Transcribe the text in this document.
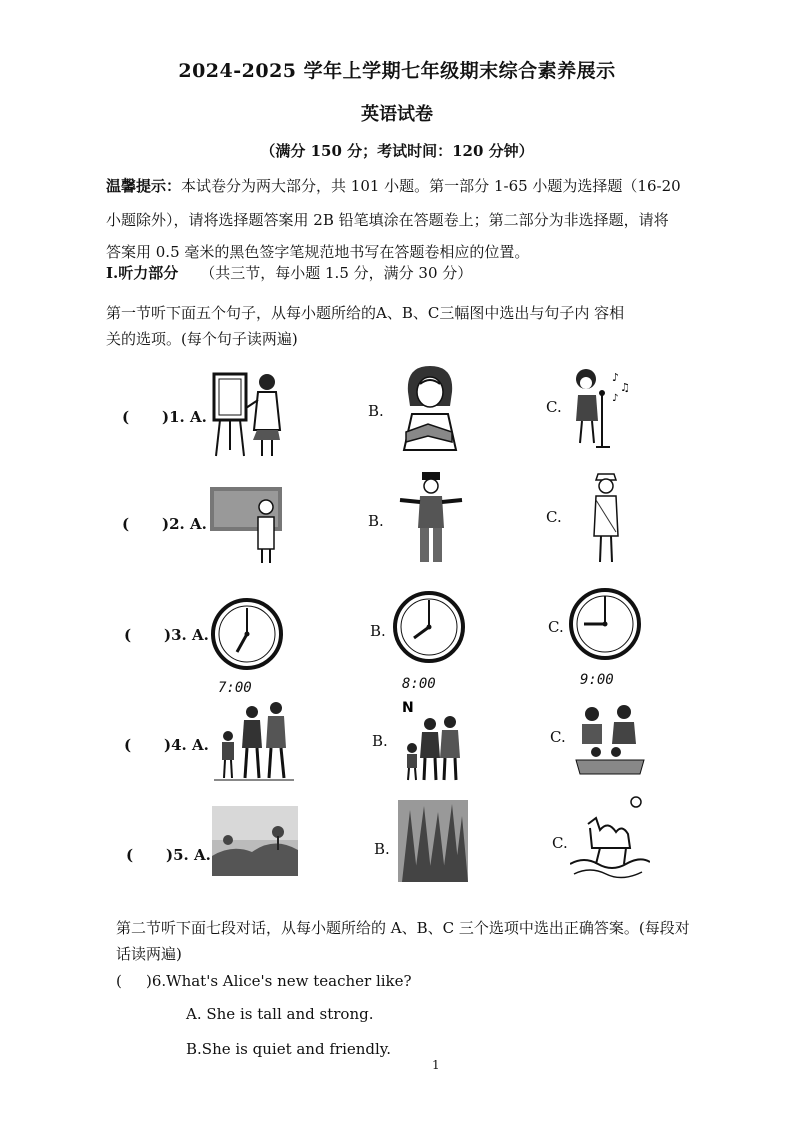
2024-2025 学年上学期七年级期末综合素养展示
英语试卷
（满分 150 分；考试时间：120 分钟）
温馨提示：本试卷分为两大部分，共 101 小题。第一部分 1-65 小题为选择题（16-20
小题除外），请将选择题答案用 2B 铅笔填涂在答题卷上；第二部分为非选择题，请将
答案用 0.5 毫米的黑色签字笔规范地书写在答题卷相应的位置。
I.听力部分 （共三节，每小题 1.5 分，满分 30 分）
第一节听下面五个句子，从每小题所给的A、B、C三幅图中选出与句子内 容相
关的选项。(每个句子读两遍)
( )1. A.	B.	C.
( )2. A.	B.	C.
( )3. A.	B.	C.
( )4. A.	B.	C.
( )5. A.	B.	C.
♪
♫
♪
7:00	8:00	9:00
N
第二节听下面七段对话，从每小题所给的 A、B、C 三个选项中选出正确答案。(每段对
话读两遍)
( )6.What's Alice's new teacher like?
A. She is tall and strong.
B.She is quiet and friendly.
1
